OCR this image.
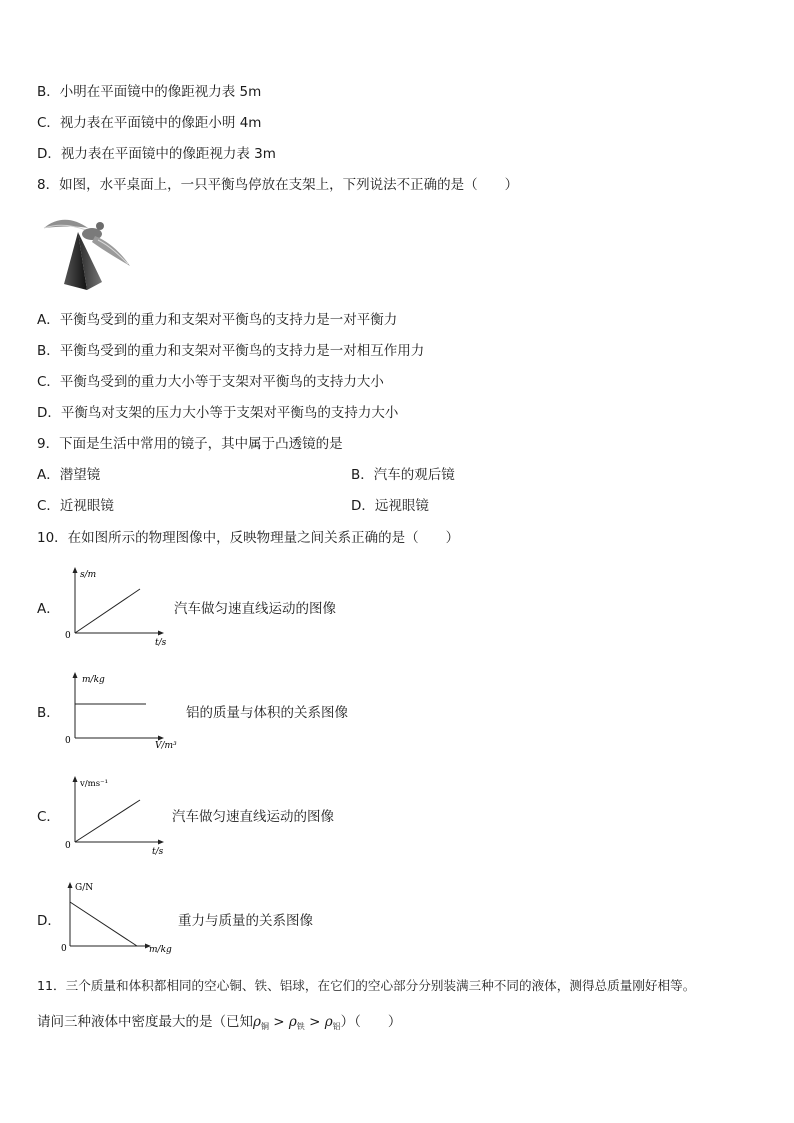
B．小明在平面镜中的像距视力表 5m
C．视力表在平面镜中的像距小明 4m
D．视力表在平面镜中的像距视力表 3m
8．如图，水平桌面上，一只平衡鸟停放在支架上，下列说法不正确的是（　　）
A．平衡鸟受到的重力和支架对平衡鸟的支持力是一对平衡力
B．平衡鸟受到的重力和支架对平衡鸟的支持力是一对相互作用力
C．平衡鸟受到的重力大小等于支架对平衡鸟的支持力大小
D．平衡鸟对支架的压力大小等于支架对平衡鸟的支持力大小
9．下面是生活中常用的镜子，其中属于凸透镜的是
A．潜望镜	B．汽车的观后镜
C．近视眼镜	D．远视眼镜
10．在如图所示的物理图像中，反映物理量之间关系正确的是（　　）
A．
s/m
0
t/s
汽车做匀速直线运动的图像
B．
m/kg
0	V/m³
铝的质量与体积的关系图像
C．
v/ms⁻¹
0
t/s
汽车做匀速直线运动的图像
D．
G/N
0	m/kg
重力与质量的关系图像
11．三个质量和体积都相同的空心铜、铁、铝球，在它们的空心部分分别装满三种不同的液体，测得总质量刚好相等。
请问三种液体中密度最大的是（已知$\rho_铜 > \rho_铁 > \rho_铝$）（　　）
